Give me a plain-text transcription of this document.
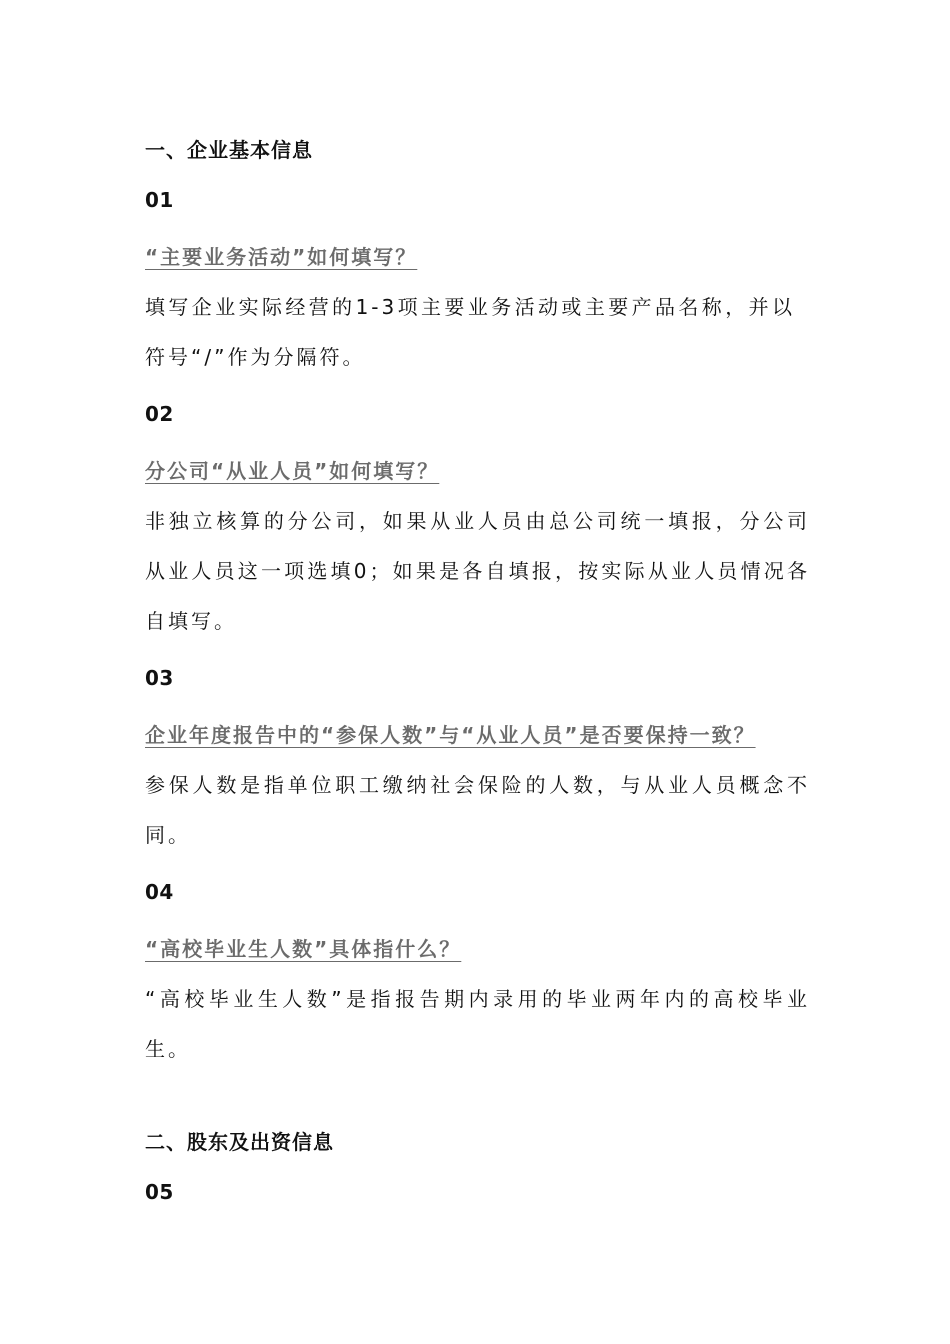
一、企业基本信息
01

“主要业务活动”如何填写？

填写企业实际经营的1-3项主要业务活动或主要产品名称，并以符号“/”作为分隔符。

02

分公司“从业人员”如何填写？

非独立核算的分公司，如果从业人员由总公司统一填报，分公司从业人员这一项选填0；如果是各自填报，按实际从业人员情况各自填写。

03

企业年度报告中的“参保人数”与“从业人员”是否要保持一致？

参保人数是指单位职工缴纳社会保险的人数，与从业人员概念不同。

04

“高校毕业生人数”具体指什么？

“高校毕业生人数”是指报告期内录用的毕业两年内的高校毕业生。

二、股东及出资信息
05
